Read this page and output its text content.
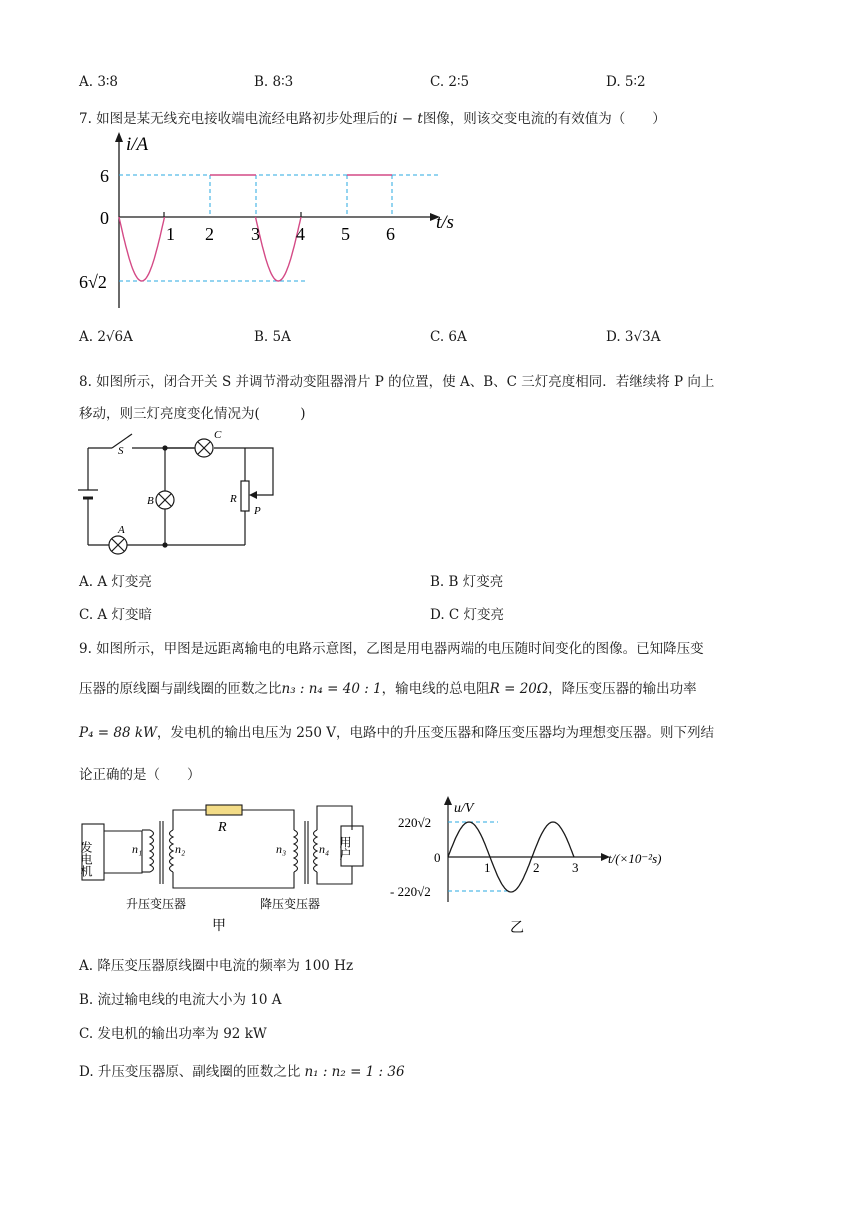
A. 3∶8	B. 8∶3	C. 2∶5	D. 5∶2
7. 如图是某无线充电接收端电流经电路初步处理后的i − t图像，则该交变电流的有效值为（　　）
i/A
t/s
6
0
6√2
1 2 3 4 5 6
A. 2√6A	B. 5A	C. 6A	D. 3√3A
8. 如图所示，闭合开关 S 并调节滑动变阻器滑片 P 的位置，使 A、B、C 三灯亮度相同．若继续将 P 向上
移动，则三灯亮度变化情况为(　　　)
S
A
B
C
R
P
A. A 灯变亮	B. B 灯变亮
C. A 灯变暗	D. C 灯变亮
9. 如图所示，甲图是远距离输电的电路示意图，乙图是用电器两端的电压随时间变化的图像。已知降压变
压器的原线圈与副线圈的匝数之比n₃ : n₄ = 40 : 1，输电线的总电阻R = 20Ω，降压变压器的输出功率
P₄ = 88 kW，发电机的输出电压为 250 V，电路中的升压变压器和降压变压器均为理想变压器。则下列结
论正确的是（　　）
发电机	用户
R
n₁	n₂	n₃	n₄
升压变压器	降压变压器
甲
u/V
t/(×10⁻²s)
220√2
0
- 220√2
1	2	3
乙
A. 降压变压器原线圈中电流的频率为 100 Hz
B. 流过输电线的电流大小为 10 A
C. 发电机的输出功率为 92 kW
D. 升压变压器原、副线圈的匝数之比 n₁ : n₂ = 1 : 36
